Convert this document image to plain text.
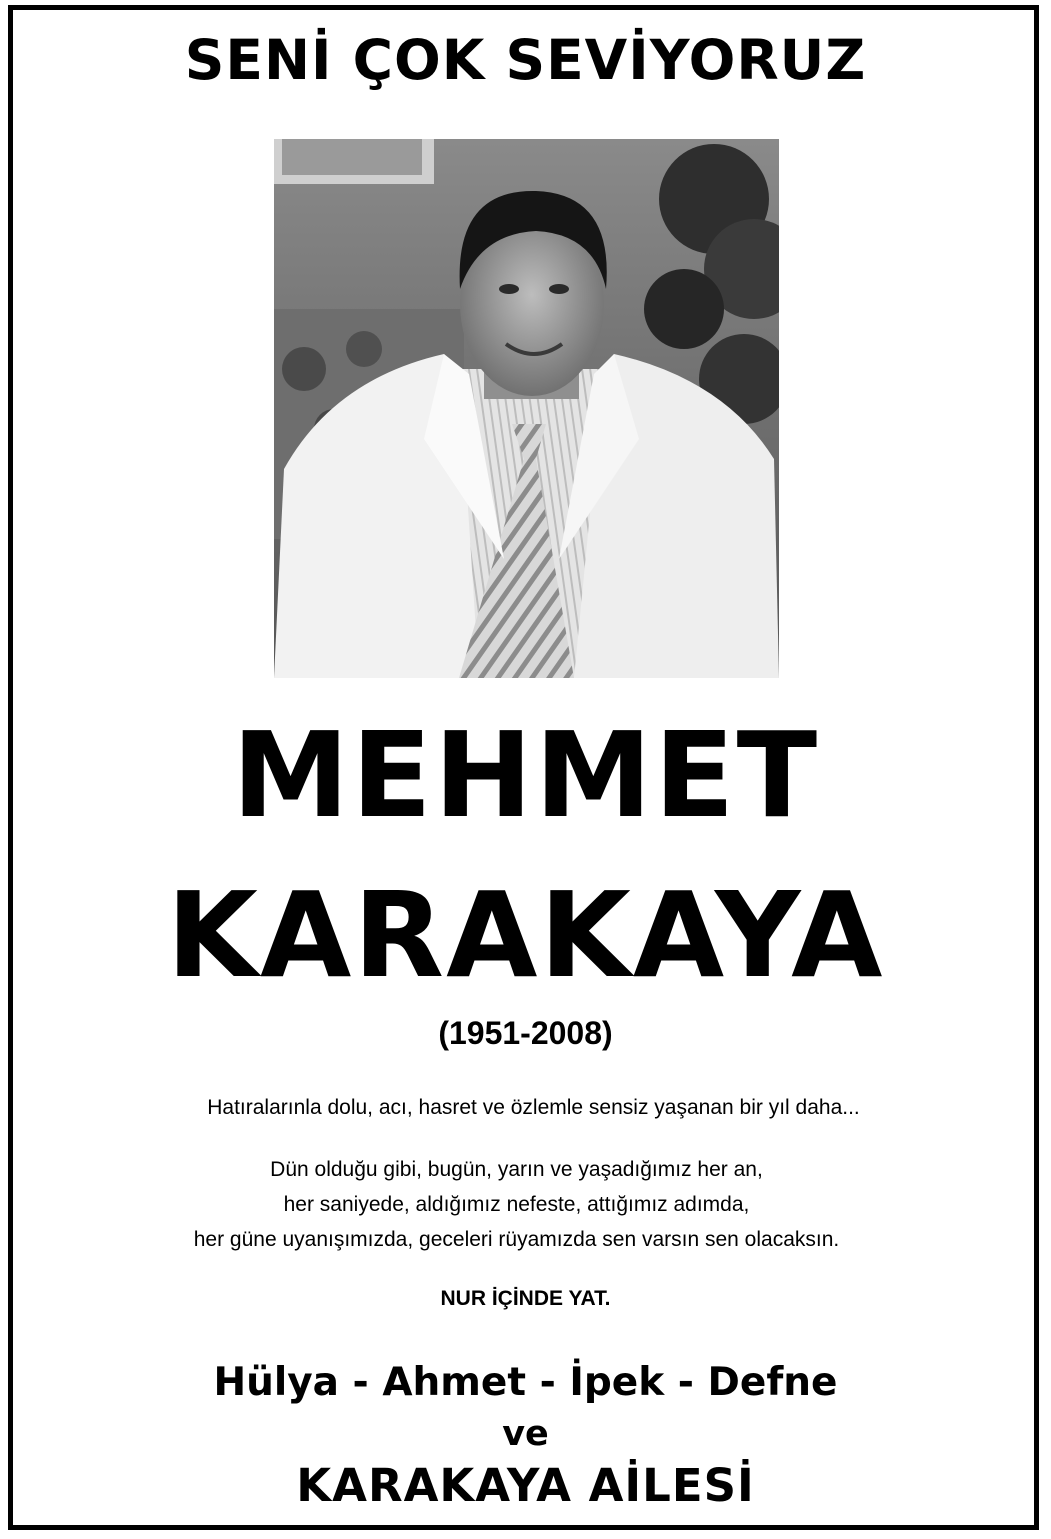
SENİ ÇOK SEVİYORUZ
MEHMET
KARAKAYA
(1951-2008)
Hatıralarınla dolu, acı, hasret ve özlemle sensiz yaşanan bir yıl daha...
Dün olduğu gibi, bugün, yarın ve yaşadığımız her an,
her saniyede, aldığımız nefeste, attığımız adımda,
her güne uyanışımızda, geceleri rüyamızda sen varsın sen olacaksın.
NUR İÇİNDE YAT.
Hülya - Ahmet - İpek - Defne
ve
KARAKAYA AİLESİ
